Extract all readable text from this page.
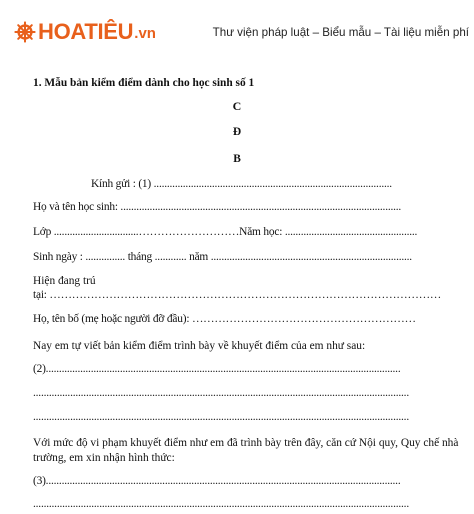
HOATIÊU .vn	Thư viện pháp luật – Biểu mẫu – Tài liệu miễn phí
1. Mẫu bản kiểm điểm dành cho học sinh số 1
C
Đ
B
Kính gửi : (1) ..........................................................................................
Họ và tên học sinh: ..........................................................................................................
Lớp ................................………………………Năm học: ..................................................
Sinh ngày : ............... tháng ............ năm ............................................................................
Hiện đang trú
tại: ……………………………………………………………………………………………
Họ, tên bố (mẹ hoặc người đỡ đầu): ……………………………………………………
Nay em tự viết bản kiểm điểm trình bày về khuyết điểm của em như sau:
(2)......................................................................................................................................
..............................................................................................................................................
..............................................................................................................................................
Với mức độ vi phạm khuyết điểm như em đã trình bày trên đây, căn cứ Nội quy, Quy chế nhà
trường, em xin nhận hình thức:
(3)......................................................................................................................................
..............................................................................................................................................
